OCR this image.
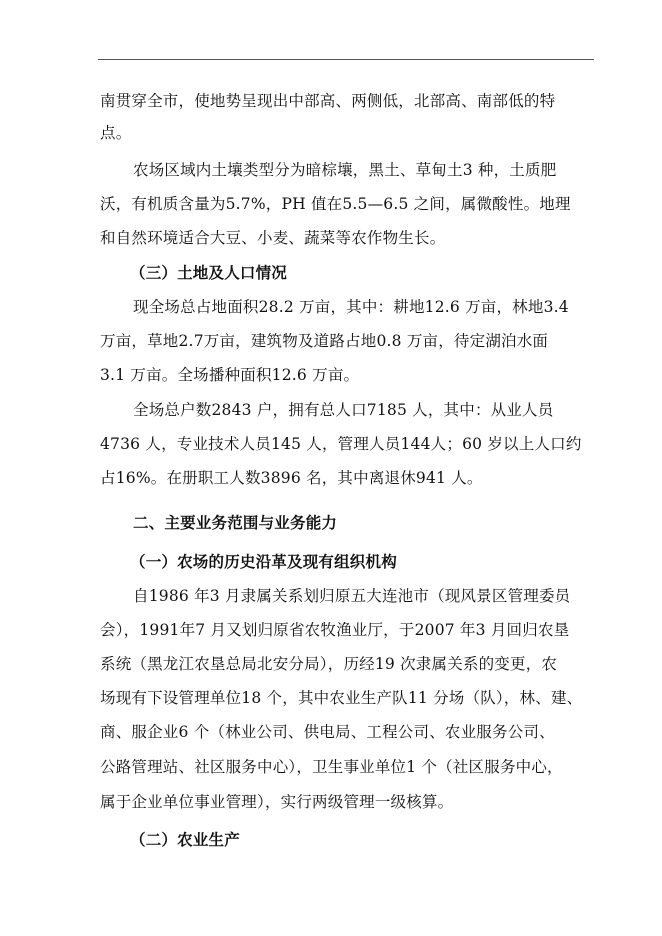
南贯穿全市，使地势呈现出中部高、两侧低，北部高、南部低的特
点。
农场区域内土壤类型分为暗棕壤，黑土、草甸土3 种，土质肥
沃，有机质含量为5.7%，PH 值在5.5—6.5 之间，属微酸性。地理
和自然环境适合大豆、小麦、蔬菜等农作物生长。
（三）土地及人口情况
现全场总占地面积28.2 万亩，其中：耕地12.6 万亩，林地3.4
万亩，草地2.7万亩，建筑物及道路占地0.8 万亩，待定湖泊水面
3.1 万亩。全场播种面积12.6 万亩。
全场总户数2843 户，拥有总人口7185 人，其中：从业人员
4736 人，专业技术人员145 人，管理人员144人；60 岁以上人口约
占16%。在册职工人数3896 名，其中离退休941 人。
二、主要业务范围与业务能力
（一）农场的历史沿革及现有组织机构
自1986 年3 月隶属关系划归原五大连池市（现风景区管理委员
会），1991年7 月又划归原省农牧渔业厅，于2007 年3 月回归农垦
系统（黑龙江农垦总局北安分局），历经19 次隶属关系的变更，农
场现有下设管理单位18 个，其中农业生产队11 分场（队），林、建、
商、服企业6 个（林业公司、供电局、工程公司、农业服务公司、
公路管理站、社区服务中心），卫生事业单位1 个（社区服务中心，
属于企业单位事业管理），实行两级管理一级核算。
（二）农业生产
